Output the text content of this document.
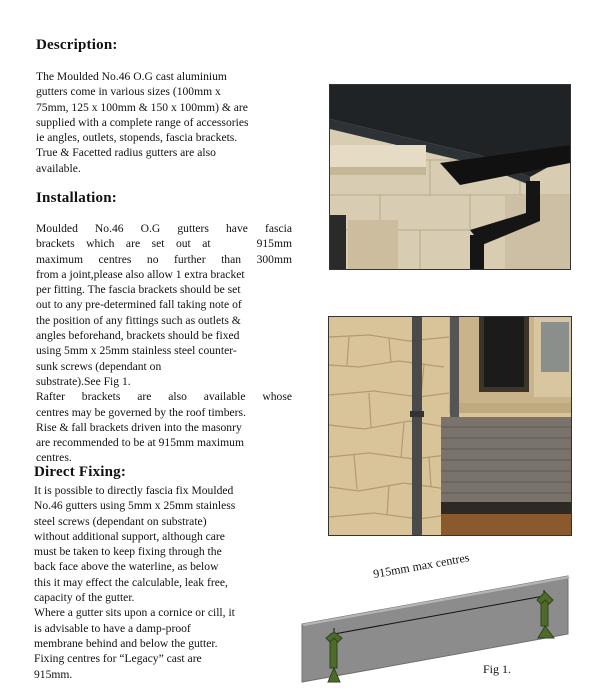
Description:
The Moulded No.46 O.G cast aluminium
gutters come in various sizes (100mm x
75mm, 125 x 100mm & 150 x 100mm) & are
supplied with a complete range of accessories
ie angles, outlets, stopends, fascia brackets.
True & Facetted radius gutters are also
available.
Installation:
Moulded No.46 O.G gutters have fascia
brackets which are set out at    915mm
maximum centres no further than 300mm
from a joint,please also allow 1 extra bracket
per fitting. The fascia brackets should be set
out to any pre-determined fall taking note of
the position of any fittings such as outlets &
angles beforehand, brackets should be fixed
using 5mm x 25mm stainless steel counter-
sunk screws (dependant on
substrate).See Fig 1.
Rafter brackets are also available whose
centres may be governed by the roof timbers.
Rise & fall brackets driven into the masonry
are recommended to be at 915mm maximum
centres.
Direct Fixing:
It is possible to directly fascia fix Moulded
No.46 gutters using 5mm x 25mm stainless
steel screws (dependant on substrate)
without additional support, although care
must be taken to keep fixing through the
back face above the waterline, as below
this it may effect the calculable, leak free,
capacity of the gutter.
Where a gutter sits upon a cornice or cill, it
is advisable to have a damp-proof
membrane behind and below the gutter.
Fixing centres for “Legacy” cast are
915mm.
915mm max centres
Fig 1.
